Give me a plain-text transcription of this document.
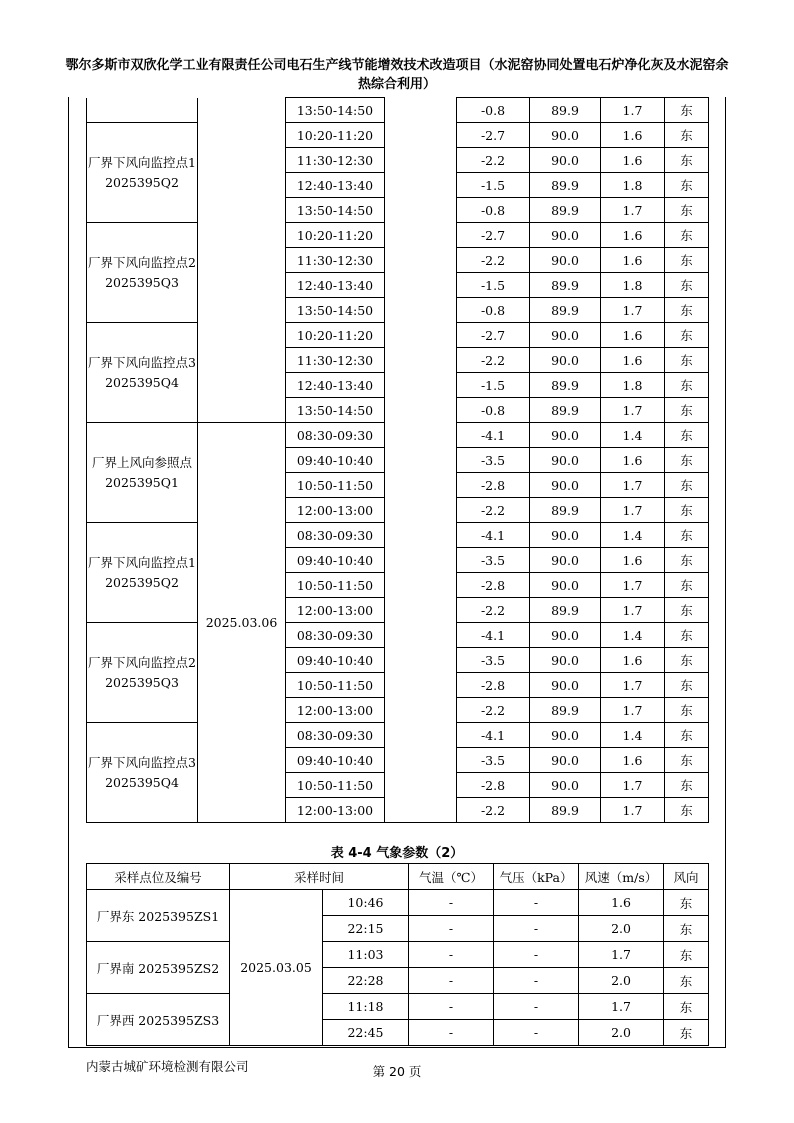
鄂尔多斯市双欣化学工业有限责任公司电石生产线节能增效技术改造项目（水泥窑协同处置电石炉净化灰及水泥窑余热综合利用）
		13:50-14:50		-0.8	89.9	1.7	东
厂界下风向监控点1 2025395Q2		10:20-11:20		-2.7	90.0	1.6	东
		11:30-12:30		-2.2	90.0	1.6	东
		12:40-13:40		-1.5	89.9	1.8	东
		13:50-14:50		-0.8	89.9	1.7	东
厂界下风向监控点2 2025395Q3		10:20-11:20		-2.7	90.0	1.6	东
		11:30-12:30		-2.2	90.0	1.6	东
		12:40-13:40		-1.5	89.9	1.8	东
		13:50-14:50		-0.8	89.9	1.7	东
厂界下风向监控点3 2025395Q4		10:20-11:20		-2.7	90.0	1.6	东
		11:30-12:30		-2.2	90.0	1.6	东
		12:40-13:40		-1.5	89.9	1.8	东
		13:50-14:50		-0.8	89.9	1.7	东
厂界上风向参照点 2025395Q1	2025.03.06	08:30-09:30		-4.1	90.0	1.4	东
		09:40-10:40		-3.5	90.0	1.6	东
		10:50-11:50		-2.8	90.0	1.7	东
		12:00-13:00		-2.2	89.9	1.7	东
厂界下风向监控点1 2025395Q2		08:30-09:30		-4.1	90.0	1.4	东
		09:40-10:40		-3.5	90.0	1.6	东
		10:50-11:50		-2.8	90.0	1.7	东
		12:00-13:00		-2.2	89.9	1.7	东
厂界下风向监控点2 2025395Q3		08:30-09:30		-4.1	90.0	1.4	东
		09:40-10:40		-3.5	90.0	1.6	东
		10:50-11:50		-2.8	90.0	1.7	东
		12:00-13:00		-2.2	89.9	1.7	东
厂界下风向监控点3 2025395Q4		08:30-09:30		-4.1	90.0	1.4	东
		09:40-10:40		-3.5	90.0	1.6	东
		10:50-11:50		-2.8	90.0	1.7	东
		12:00-13:00		-2.2	89.9	1.7	东
表 4-4 气象参数（2）
采样点位及编号	采样时间		气温（℃）	气压（kPa）	风速（m/s）	风向
厂界东 2025395ZS1	2025.03.05	10:46	-	-	1.6	东
		22:15	-	-	2.0	东
厂界南 2025395ZS2		11:03	-	-	1.7	东
		22:28	-	-	2.0	东
厂界西 2025395ZS3		11:18	-	-	1.7	东
		22:45	-	-	2.0	东
内蒙古城矿环境检测有限公司	第 20 页
